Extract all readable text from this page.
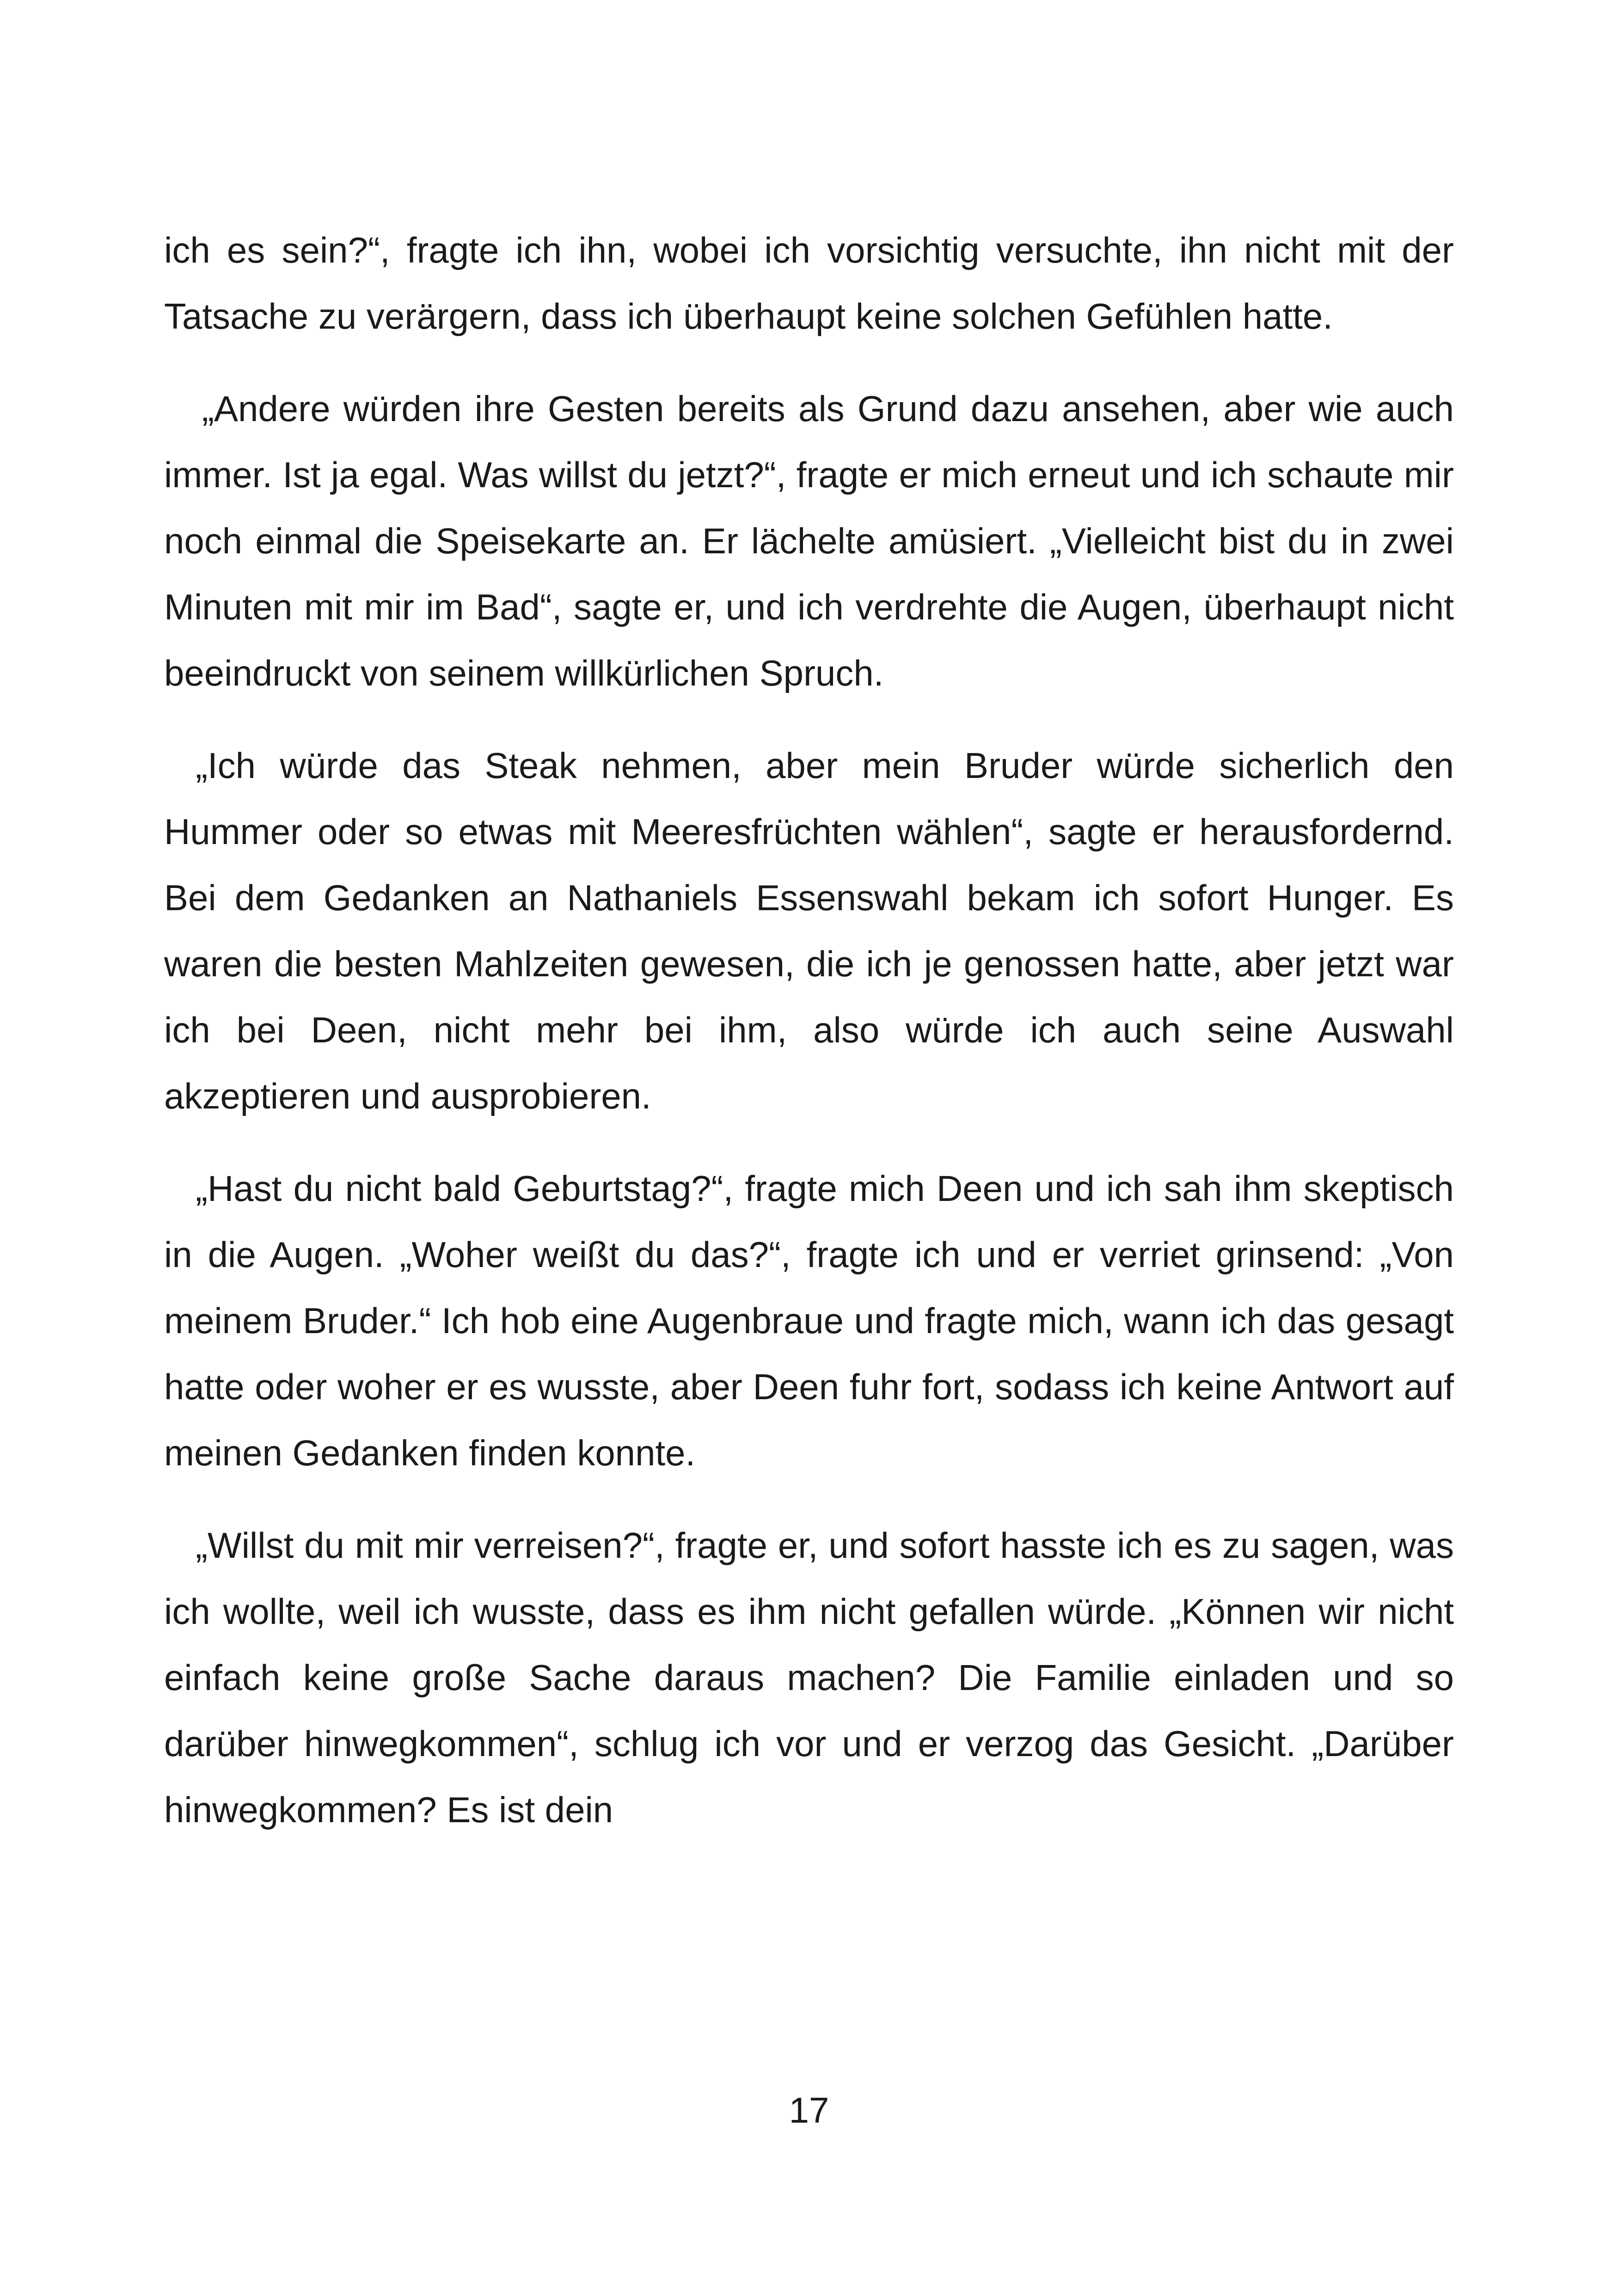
ich es sein?“, fragte ich ihn, wobei ich vorsichtig versuchte, ihn nicht mit der Tatsache zu verärgern, dass ich überhaupt keine solchen Gefühlen hatte.

„Andere würden ihre Gesten bereits als Grund dazu ansehen, aber wie auch immer. Ist ja egal. Was willst du jetzt?“, fragte er mich erneut und ich schaute mir noch einmal die Speisekarte an. Er lächelte amüsiert. „Vielleicht bist du in zwei Minuten mit mir im Bad“, sagte er, und ich verdrehte die Augen, überhaupt nicht beeindruckt von seinem willkürlichen Spruch.

„Ich würde das Steak nehmen, aber mein Bruder würde sicherlich den Hummer oder so etwas mit Meeresfrüchten wählen“, sagte er herausfordernd. Bei dem Gedanken an Nathaniels Essenswahl bekam ich sofort Hunger. Es waren die besten Mahlzeiten gewesen, die ich je genossen hatte, aber jetzt war ich bei Deen, nicht mehr bei ihm, also würde ich auch seine Auswahl akzeptieren und ausprobieren.

„Hast du nicht bald Geburtstag?“, fragte mich Deen und ich sah ihm skeptisch in die Augen. „Woher weißt du das?“, fragte ich und er verriet grinsend: „Von meinem Bruder.“ Ich hob eine Augenbraue und fragte mich, wann ich das gesagt hatte oder woher er es wusste, aber Deen fuhr fort, sodass ich keine Antwort auf meinen Gedanken finden konnte.

„Willst du mit mir verreisen?“, fragte er, und sofort hasste ich es zu sagen, was ich wollte, weil ich wusste, dass es ihm nicht gefallen würde. „Können wir nicht einfach keine große Sache daraus machen? Die Familie einladen und so darüber hinwegkommen“, schlug ich vor und er verzog das Gesicht. „Darüber hinwegkommen? Es ist dein

17
